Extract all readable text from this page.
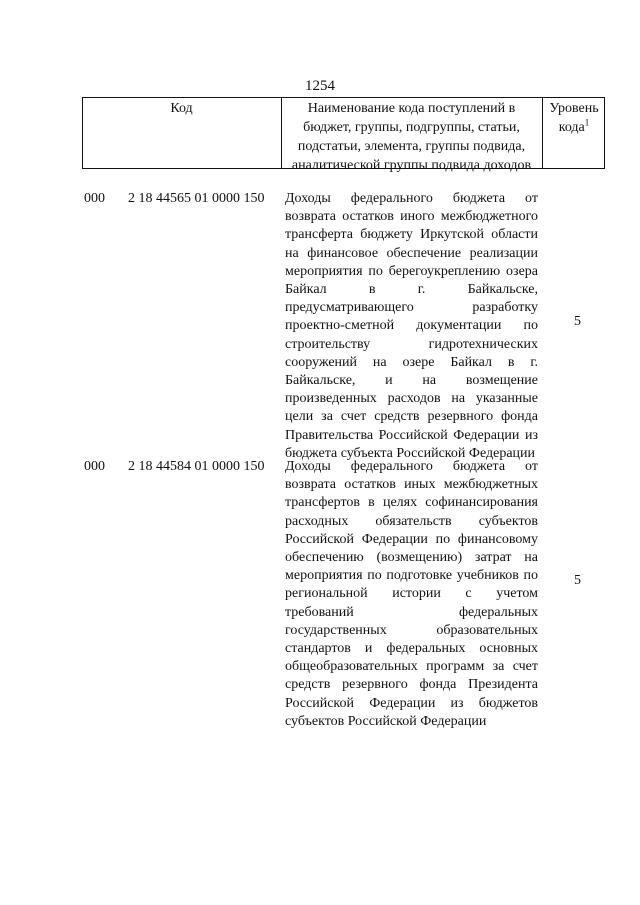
1254
Код	Наименование кода поступлений в бюджет, группы, подгруппы, статьи, подстатьи, элемента, группы подвида, аналитической группы подвида доходов
Уровень кода$^1$
000 2 18 44565 01 0000 150 Доходы федерального бюджета от возврата остатков иного межбюджетного трансферта бюджету Иркутской области на финансовое обеспечение реализации мероприятия по берегоукреплению озера Байкал в г. Байкальске, предусматривающего разработку проектно-сметной документации по строительству гидротехнических сооружений на озере Байкал в г. Байкальске, и на возмещение произведенных расходов на указанные цели за счет средств резервного фонда Правительства Российской Федерации из бюджета субъекта Российской Федерации
5
000 2 18 44584 01 0000 150 Доходы федерального бюджета от возврата остатков иных межбюджетных трансфертов в целях софинансирования расходных обязательств субъектов Российской Федерации по финансовому обеспечению (возмещению) затрат на мероприятия по подготовке учебников по региональной истории с учетом требований федеральных государственных образовательных стандартов и федеральных основных общеобразовательных программ за счет средств резервного фонда Президента Российской Федерации из бюджетов субъектов Российской Федерации
5
